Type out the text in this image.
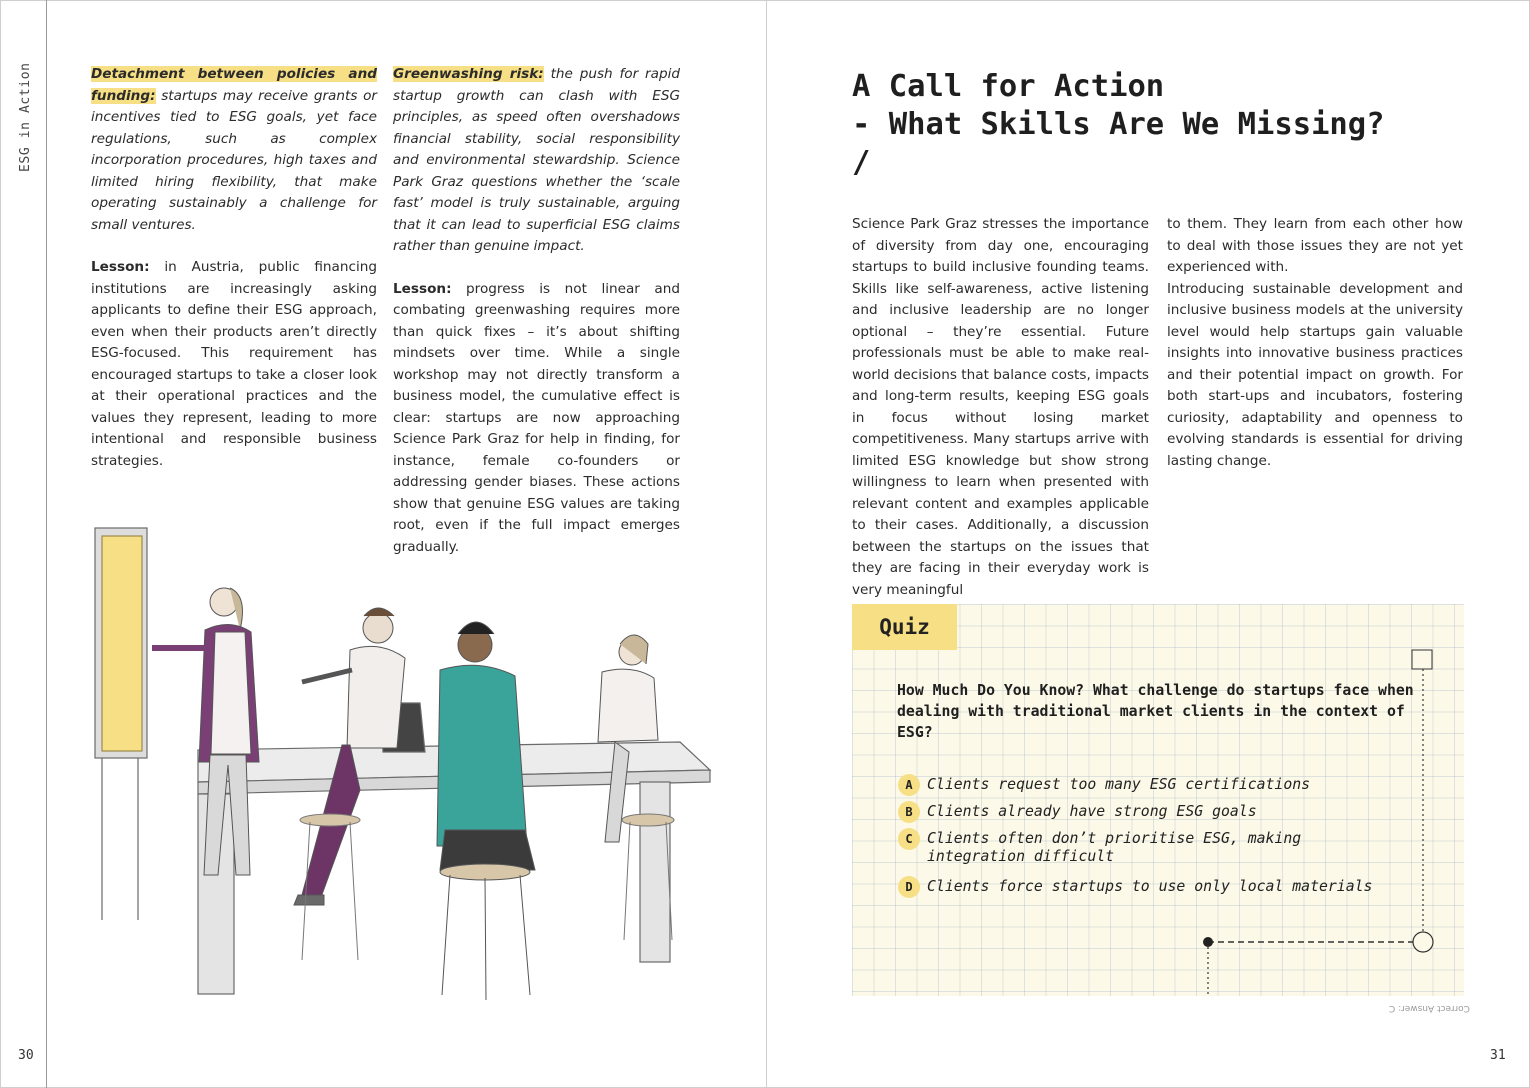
ESG in Action
30	31

Detachment between policies and funding: startups may receive grants or incentives tied to ESG goals, yet face regulations, such as complex incorporation procedures, high taxes and limited hiring flexibility, that make operating sustainably a challenge for small ventures.

Lesson: in Austria, public financing institutions are increasingly asking applicants to define their ESG approach, even when their products aren’t directly ESG-focused. This requirement has encouraged startups to take a closer look at their operational practices and the values they represent, leading to more intentional and responsible business strategies.

Greenwashing risk: the push for rapid startup growth can clash with ESG principles, as speed often overshadows financial stability, social responsibility and environmental stewardship. Science Park Graz questions whether the ‘scale fast’ model is truly sustainable, arguing that it can lead to superficial ESG claims rather than genuine impact.

Lesson: progress is not linear and combating greenwashing requires more than quick fixes – it’s about shifting mindsets over time. While a single workshop may not directly transform a business model, the cumulative effect is clear: startups are now approaching Science Park Graz for help in finding, for instance, female co-founders or addressing gender biases. These actions show that genuine ESG values are taking root, even if the full impact emerges gradually.

A Call for Action
- What Skills Are We Missing?
/

Science Park Graz stresses the importance of diversity from day one, encouraging startups to build inclusive founding teams. Skills like self-awareness, active listening and inclusive leadership are no longer optional – they’re essential. Future professionals must be able to make real-world decisions that balance costs, impacts and long-term results, keeping ESG goals in focus without losing market competitiveness. Many startups arrive with limited ESG knowledge but show strong willingness to learn when presented with relevant content and examples applicable to their cases. Additionally, a discussion between the startups on the issues that they are facing in their everyday work is very meaningful

to them. They learn from each other how to deal with those issues they are not yet experienced with.

Introducing sustainable development and inclusive business models at the university level would help startups gain valuable insights into innovative business practices and their potential impact on growth. For both start-ups and incubators, fostering curiosity, adaptability and openness to evolving standards is essential for driving lasting change.

Quiz
How Much Do You Know? What challenge do startups face when dealing with traditional market clients in the context of ESG?
A Clients request too many ESG certifications
B Clients already have strong ESG goals
C Clients often don’t prioritise ESG, making integration difficult
D Clients force startups to use only local materials
Correct Answer: C
